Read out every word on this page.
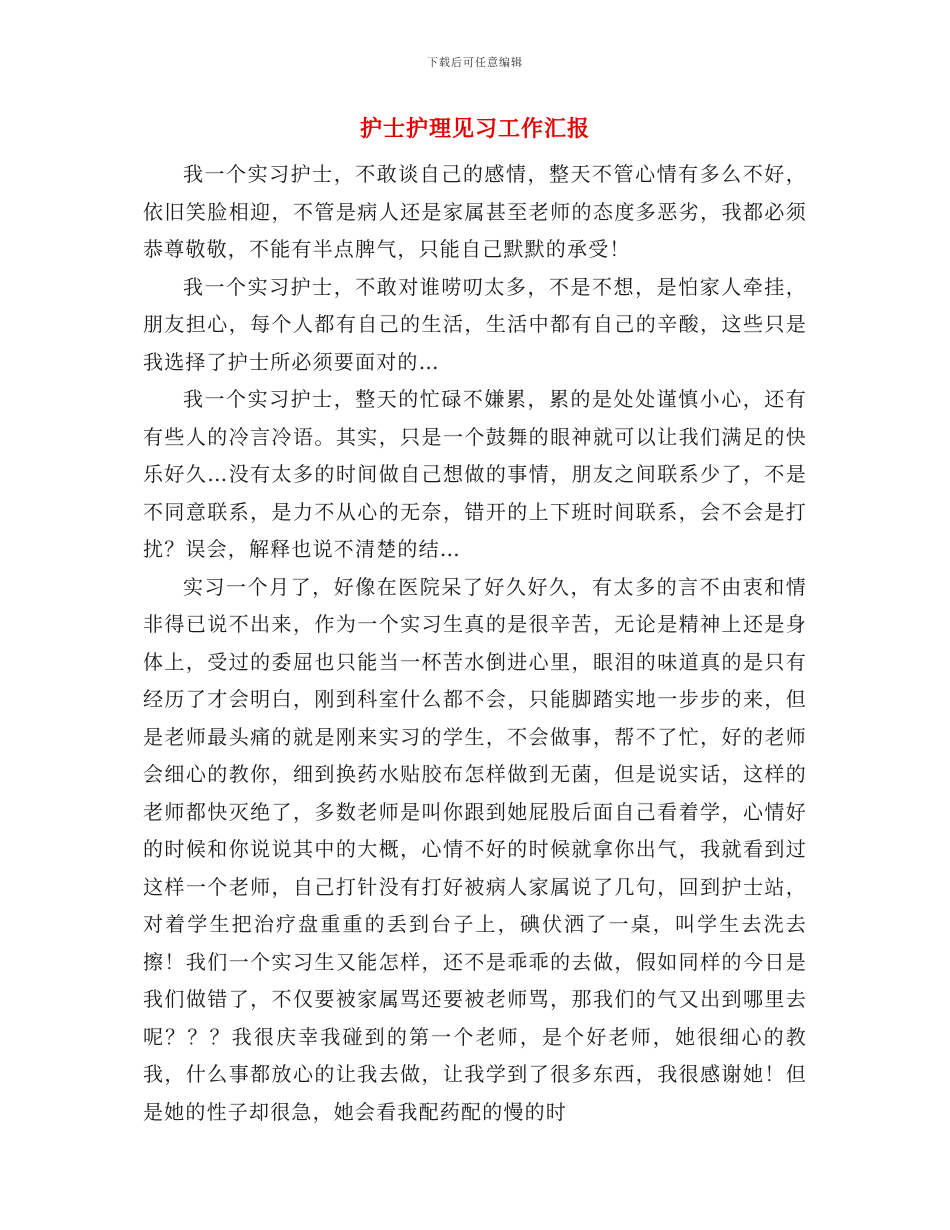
下载后可任意编辑
护士护理见习工作汇报

我一个实习护士，不敢谈自己的感情，整天不管心情有多么不好，依旧笑脸相迎，不管是病人还是家属甚至老师的态度多恶劣，我都必须恭尊敬敬，不能有半点脾气，只能自己默默的承受！

我一个实习护士，不敢对谁唠叨太多，不是不想，是怕家人牵挂，朋友担心，每个人都有自己的生活，生活中都有自己的辛酸，这些只是我选择了护士所必须要面对的…

我一个实习护士，整天的忙碌不嫌累，累的是处处谨慎小心，还有有些人的冷言冷语。其实，只是一个鼓舞的眼神就可以让我们满足的快乐好久…没有太多的时间做自己想做的事情，朋友之间联系少了，不是不同意联系，是力不从心的无奈，错开的上下班时间联系，会不会是打扰？误会，解释也说不清楚的结…

实习一个月了，好像在医院呆了好久好久，有太多的言不由衷和情非得已说不出来，作为一个实习生真的是很辛苦，无论是精神上还是身体上，受过的委屈也只能当一杯苦水倒进心里，眼泪的味道真的是只有经历了才会明白，刚到科室什么都不会，只能脚踏实地一步步的来，但是老师最头痛的就是刚来实习的学生，不会做事，帮不了忙，好的老师会细心的教你，细到换药水贴胶布怎样做到无菌，但是说实话，这样的老师都快灭绝了，多数老师是叫你跟到她屁股后面自己看着学，心情好的时候和你说说其中的大概，心情不好的时候就拿你出气，我就看到过这样一个老师，自己打针没有打好被病人家属说了几句，回到护士站，对着学生把治疗盘重重的丢到台子上，碘伏洒了一桌，叫学生去洗去擦！我们一个实习生又能怎样，还不是乖乖的去做，假如同样的今日是我们做错了，不仅要被家属骂还要被老师骂，那我们的气又出到哪里去呢？？？我很庆幸我碰到的第一个老师，是个好老师，她很细心的教我，什么事都放心的让我去做，让我学到了很多东西，我很感谢她！但是她的性子却很急，她会看我配药配的慢的时
